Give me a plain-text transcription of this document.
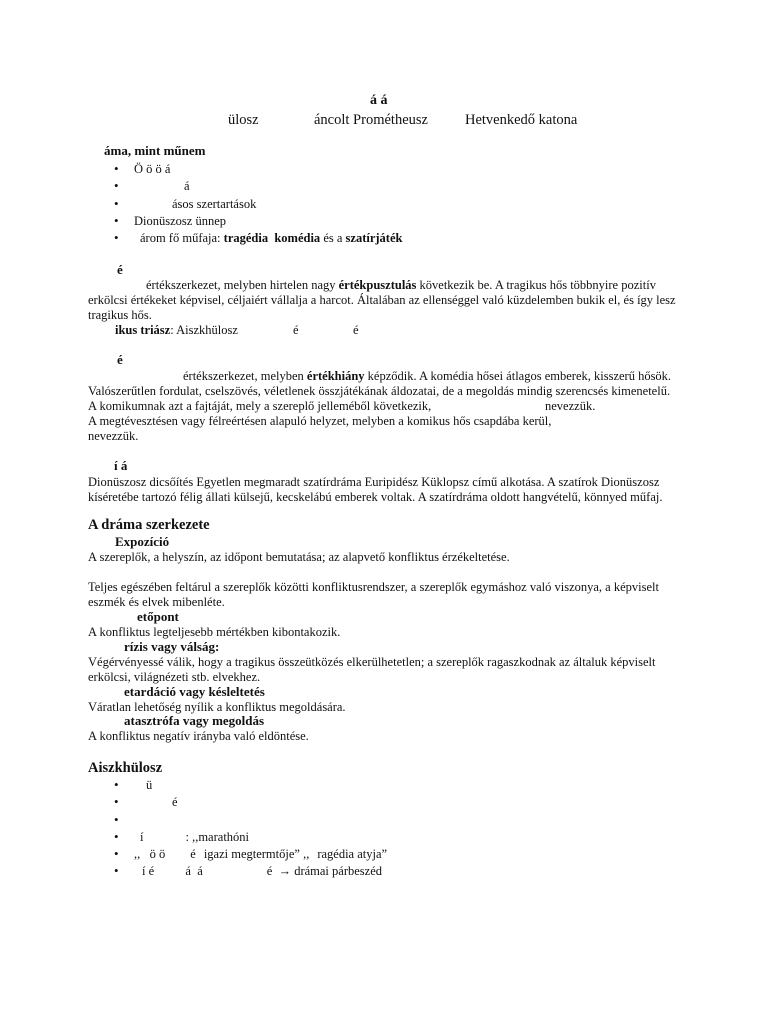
á á
ülosz	áncolt Prométheusz	Hetvenkedő katona
áma, mint műnem
• Ö ö ö á
• á
• ásos szertartások
• Dionüszosz ünnep
• árom fő műfaja: tragédia komédia és a szatírjáték
é
értékszerkezet, melyben hirtelen nagy értékpusztulás következik be. A tragikus hős többnyire pozitív
erkölcsi értékeket képvisel, céljaiért vállalja a harcot. Általában az ellenséggel való küzdelemben bukik el, és így lesz
tragikus hős.
ikus triász: Aiszkhülosz	é	é
é
értékszerkezet, melyben értékhiány képződik. A komédia hősei átlagos emberek, kisszerű hősök.
Valószerűtlen fordulat, cselszövés, véletlenek összjátékának áldozatai, de a megoldás mindig szerencsés kimenetelű.
A komikumnak azt a fajtáját, mely a szereplő jelleméből következik,	nevezzük.
A megtévesztésen vagy félreértésen alapuló helyzet, melyben a komikus hős csapdába kerül,
nevezzük.
í á
Dionüszosz dicsőítés Egyetlen megmaradt szatírdráma Euripidész Küklopsz című alkotása. A szatírok Dionüszosz
kíséretébe tartozó félig állati külsejű, kecskelábú emberek voltak. A szatírdráma oldott hangvételű, könnyed műfaj.
A dráma szerkezete
Expozíció
A szereplők, a helyszín, az időpont bemutatása; az alapvető konfliktus érzékeltetése.
Teljes egészében feltárul a szereplők közötti konfliktusrendszer, a szereplők egymáshoz való viszonya, a képviselt
eszmék és elvek mibenléte.
etőpont
A konfliktus legteljesebb mértékben kibontakozik.
rízis vagy válság:
Végérvényessé válik, hogy a tragikus összeütközés elkerülhetetlen; a szereplők ragaszkodnak az általuk képviselt
erkölcsi, világnézeti stb. elvekhez.
etardáció vagy késleltetés
Váratlan lehetőség nyílik a konfliktus megoldására.
atasztrófa vagy megoldás
A konfliktus negatív irányba való eldöntése.
Aiszkhülosz
• ü
• é
•
• í	: ,,marathóni
• ,,   ö ö        é igazi megtermtője” ,, ragédia atyja”
• í é          á  á	é → drámai párbeszéd
